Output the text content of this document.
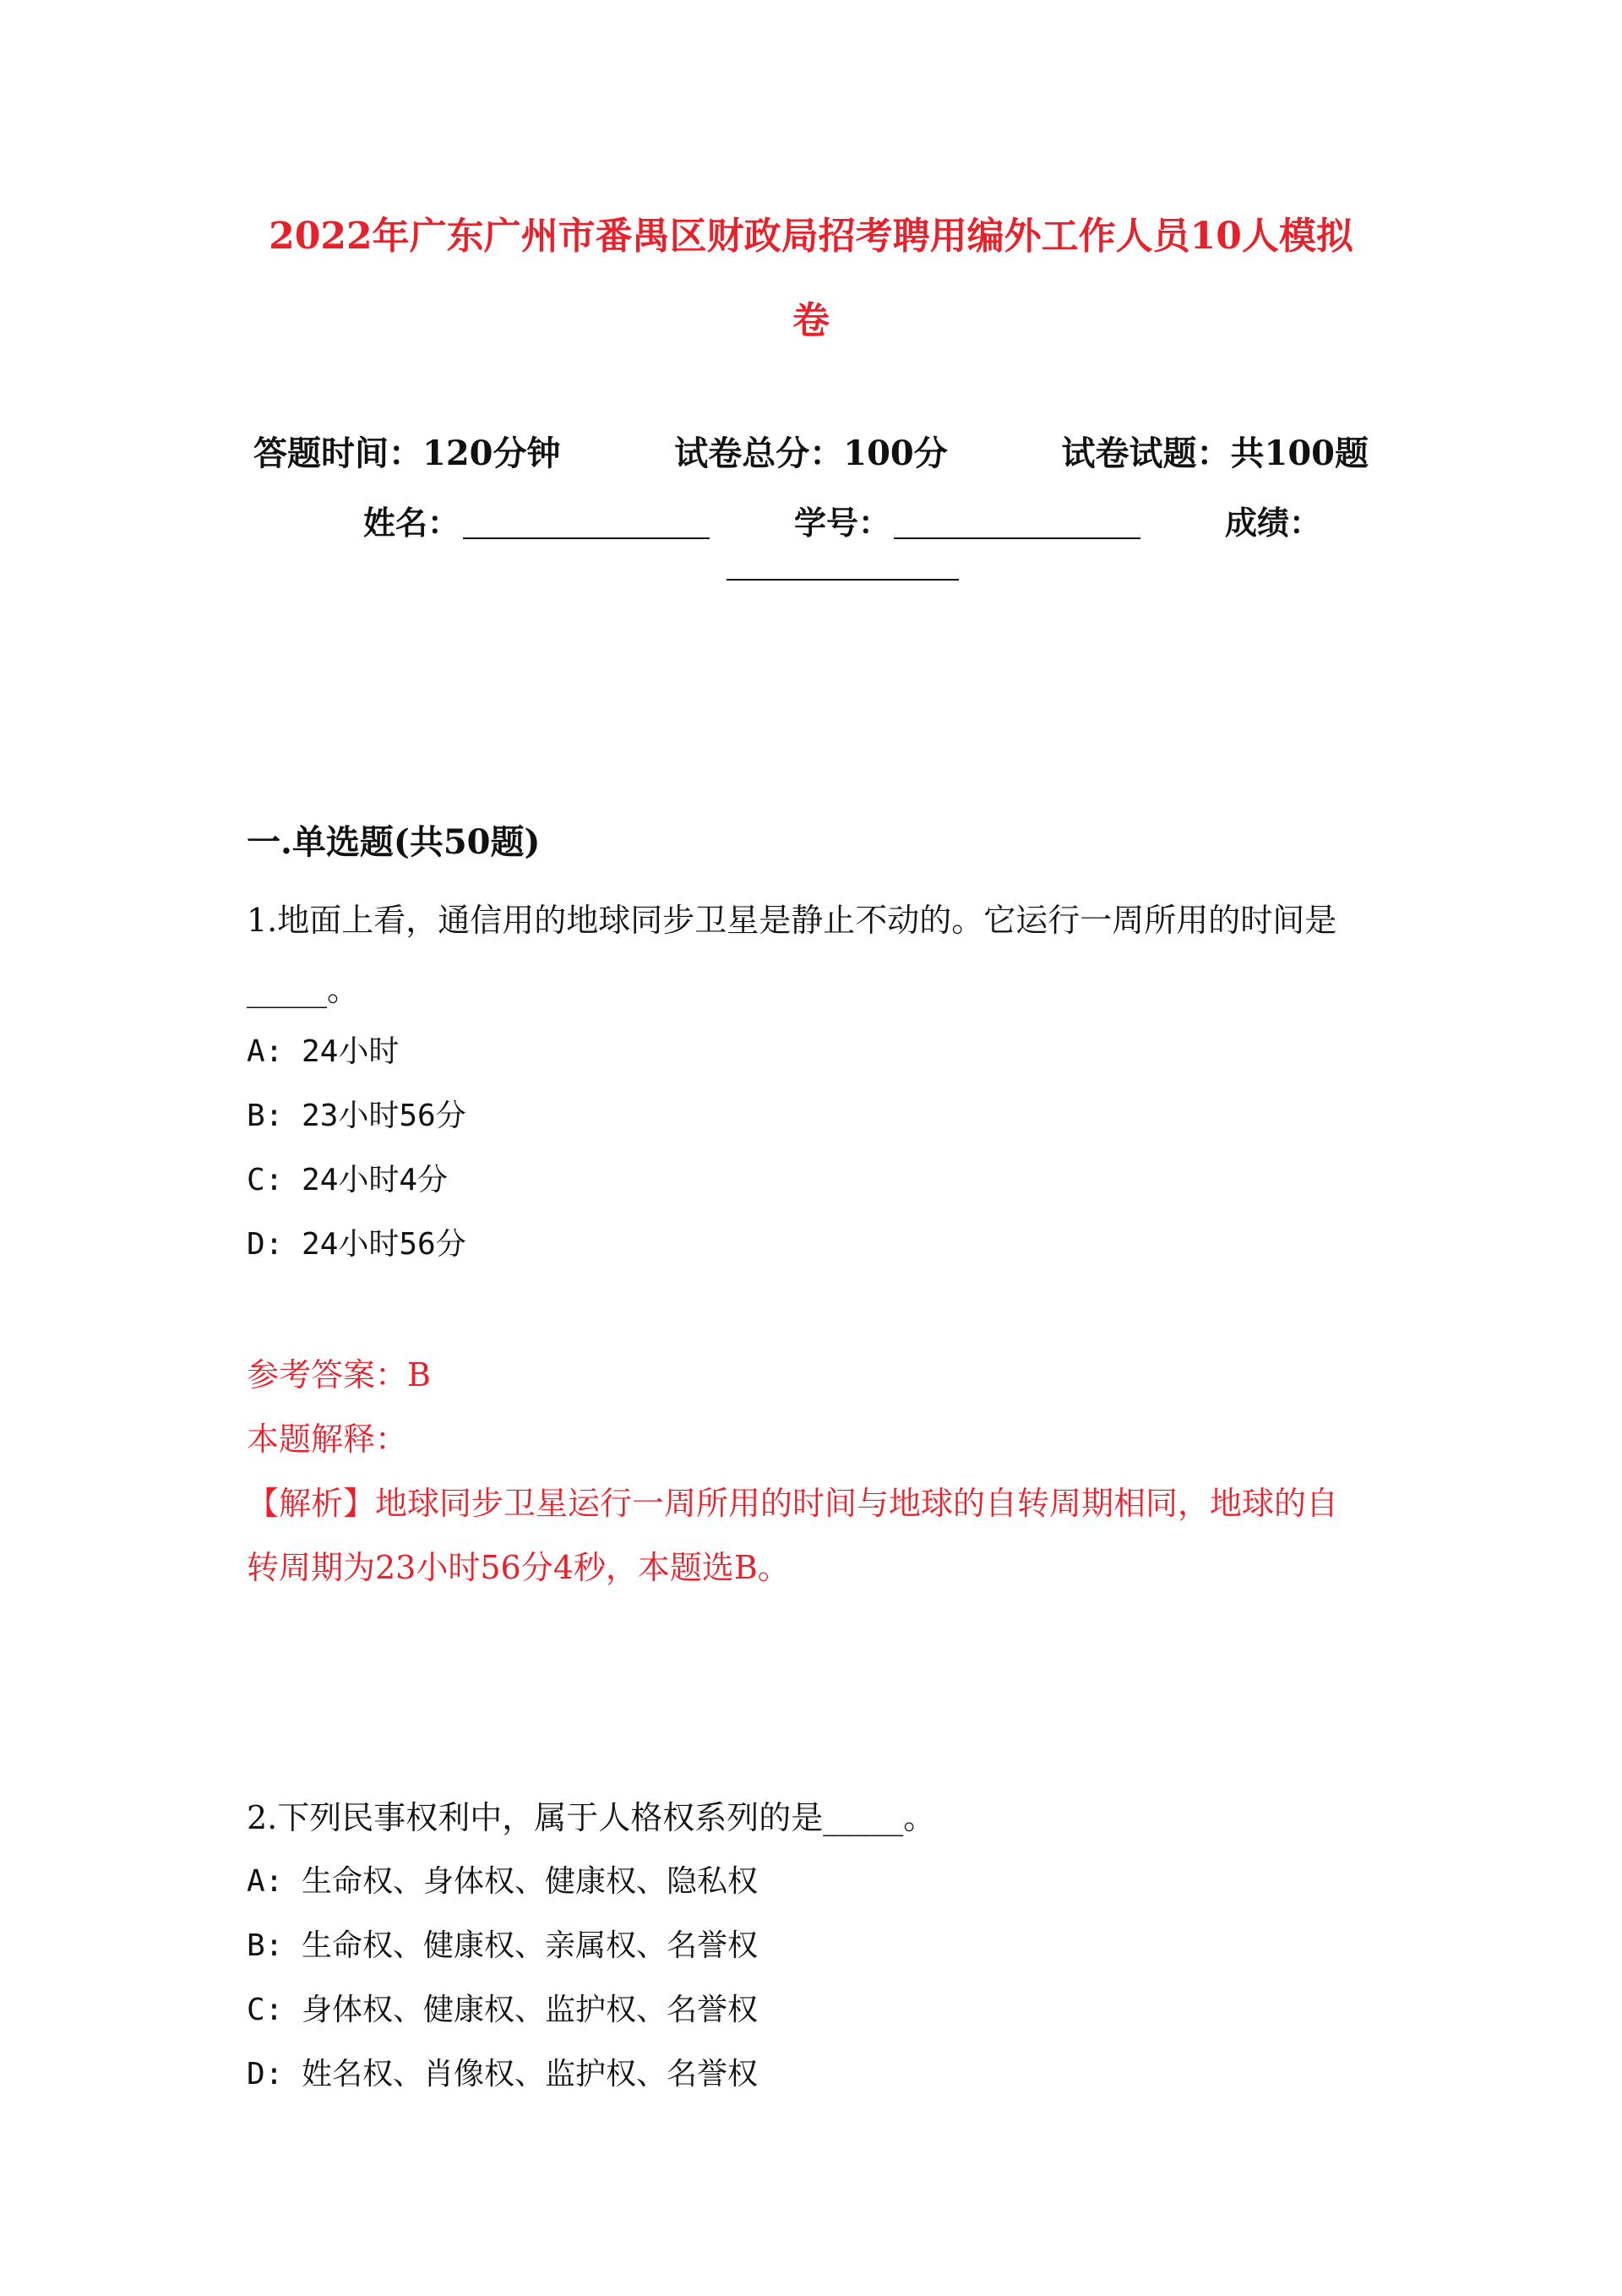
2022年广东广州市番禺区财政局招考聘用编外工作人员10人模拟
卷
答题时间：120分钟	试卷总分：100分	试卷试题：共100题
姓名：	学号：	成绩：
一.单选题(共50题)
1.地面上看，通信用的地球同步卫星是静止不动的。它运行一周所用的时间是
_____。
A: 24小时
B: 23小时56分
C: 24小时4分
D: 24小时56分
参考答案：B
本题解释：
【解析】地球同步卫星运行一周所用的时间与地球的自转周期相同，地球的自
转周期为23小时56分4秒，本题选B。
2.下列民事权利中，属于人格权系列的是_____。
A: 生命权、身体权、健康权、隐私权
B: 生命权、健康权、亲属权、名誉权
C: 身体权、健康权、监护权、名誉权
D: 姓名权、肖像权、监护权、名誉权
